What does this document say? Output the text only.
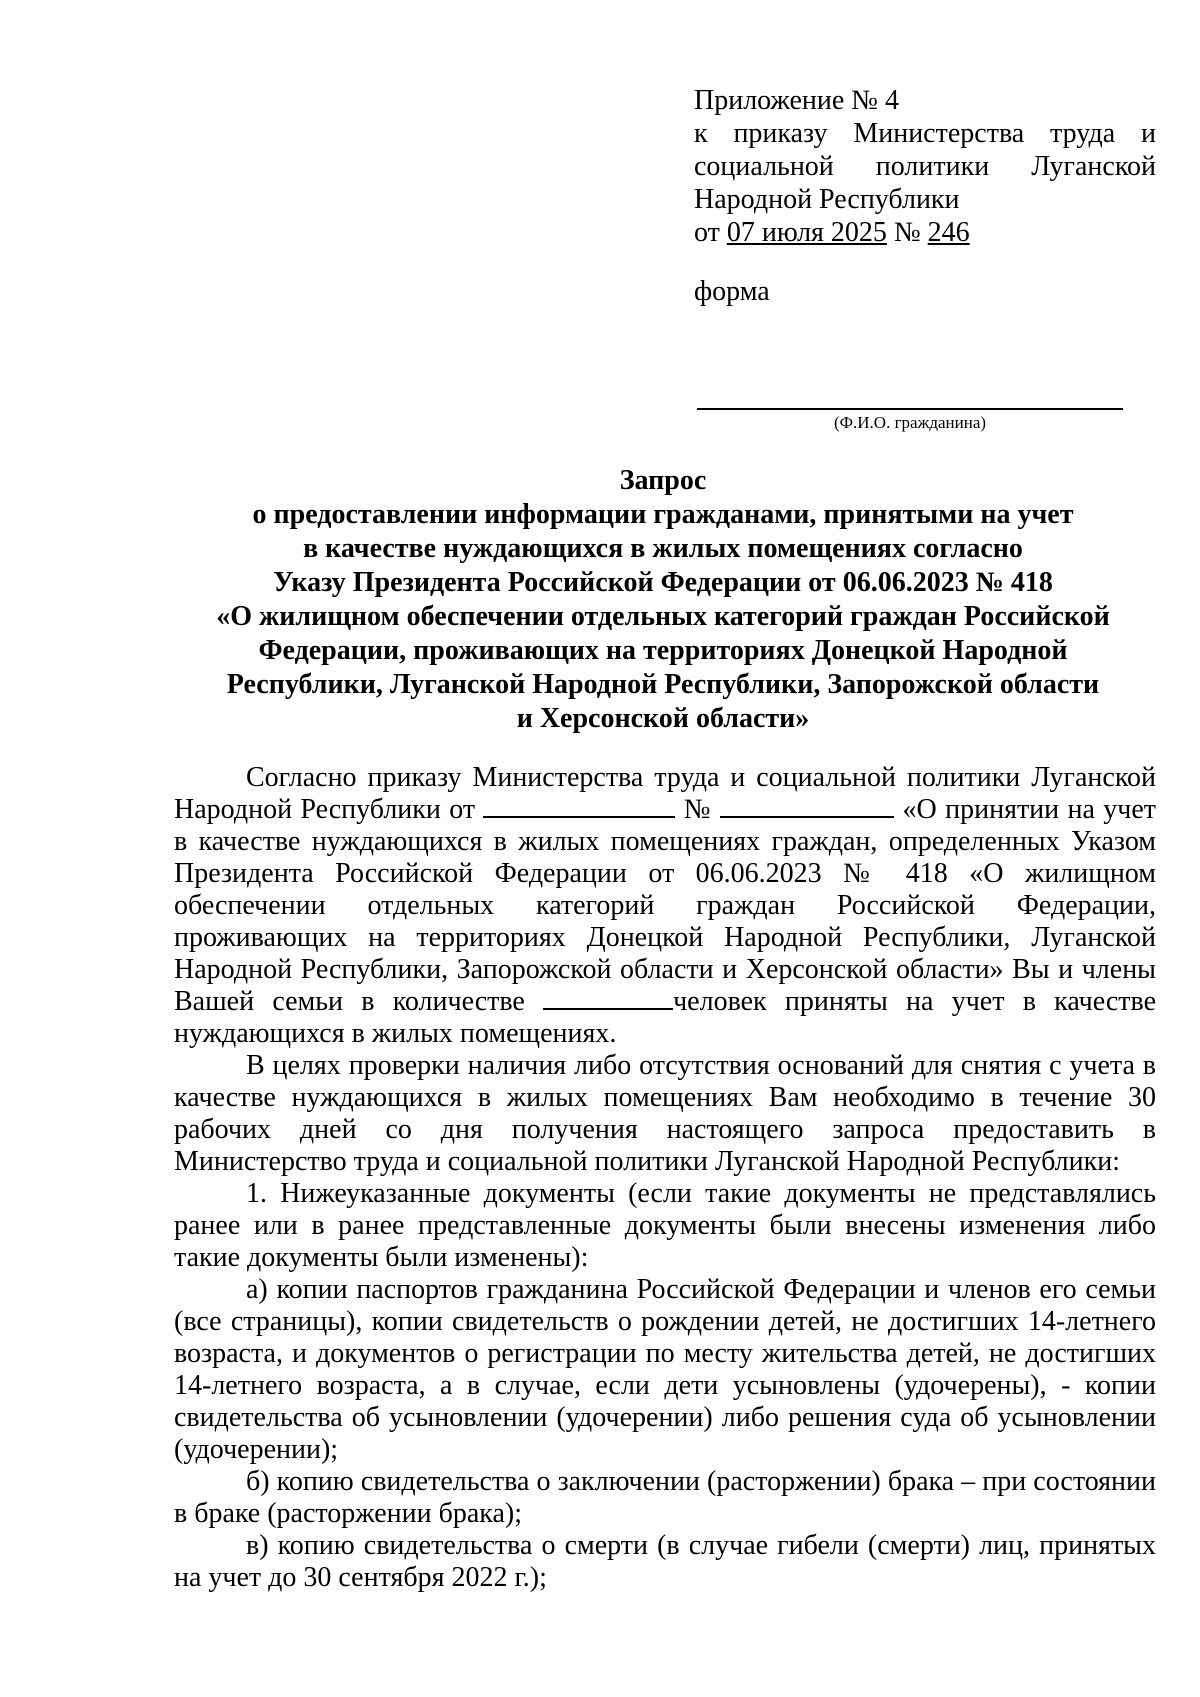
Приложение № 4
к приказу Министерства труда и
социальной политики Луганской
Народной Республики
от 07 июля 2025 № 246
форма
(Ф.И.О. гражданина)
Запрос
о предоставлении информации гражданами, принятыми на учет
в качестве нуждающихся в жилых помещениях согласно
Указу Президента Российской Федерации от 06.06.2023 № 418
«О жилищном обеспечении отдельных категорий граждан Российской
Федерации, проживающих на территориях Донецкой Народной
Республики, Луганской Народной Республики, Запорожской области
и Херсонской области»

Согласно приказу Министерства труда и социальной политики Луганской Народной Республики от	№	«О принятии на учет в качестве нуждающихся в жилых помещениях граждан, определенных Указом Президента Российской Федерации от 06.06.2023 № 418 «О жилищном обеспечении отдельных категорий граждан Российской Федерации, проживающих на территориях Донецкой Народной Республики, Луганской Народной Республики, Запорожской области и Херсонской области» Вы и члены Вашей семьи в количестве	человек приняты на учет в качестве нуждающихся в жилых помещениях.

В целях проверки наличия либо отсутствия оснований для снятия с учета в качестве нуждающихся в жилых помещениях Вам необходимо в течение 30 рабочих дней со дня получения настоящего запроса предоставить в Министерство труда и социальной политики Луганской Народной Республики:

1. Нижеуказанные документы (если такие документы не представлялись ранее или в ранее представленные документы были внесены изменения либо такие документы были изменены):

а) копии паспортов гражданина Российской Федерации и членов его семьи (все страницы), копии свидетельств о рождении детей, не достигших 14-летнего возраста, и документов о регистрации по месту жительства детей, не достигших 14-летнего возраста, а в случае, если дети усыновлены (удочерены), - копии свидетельства об усыновлении (удочерении) либо решения суда об усыновлении (удочерении);

б) копию свидетельства о заключении (расторжении) брака – при состоянии в браке (расторжении брака);

в) копию свидетельства о смерти (в случае гибели (смерти) лиц, принятых на учет до 30 сентября 2022 г.);
